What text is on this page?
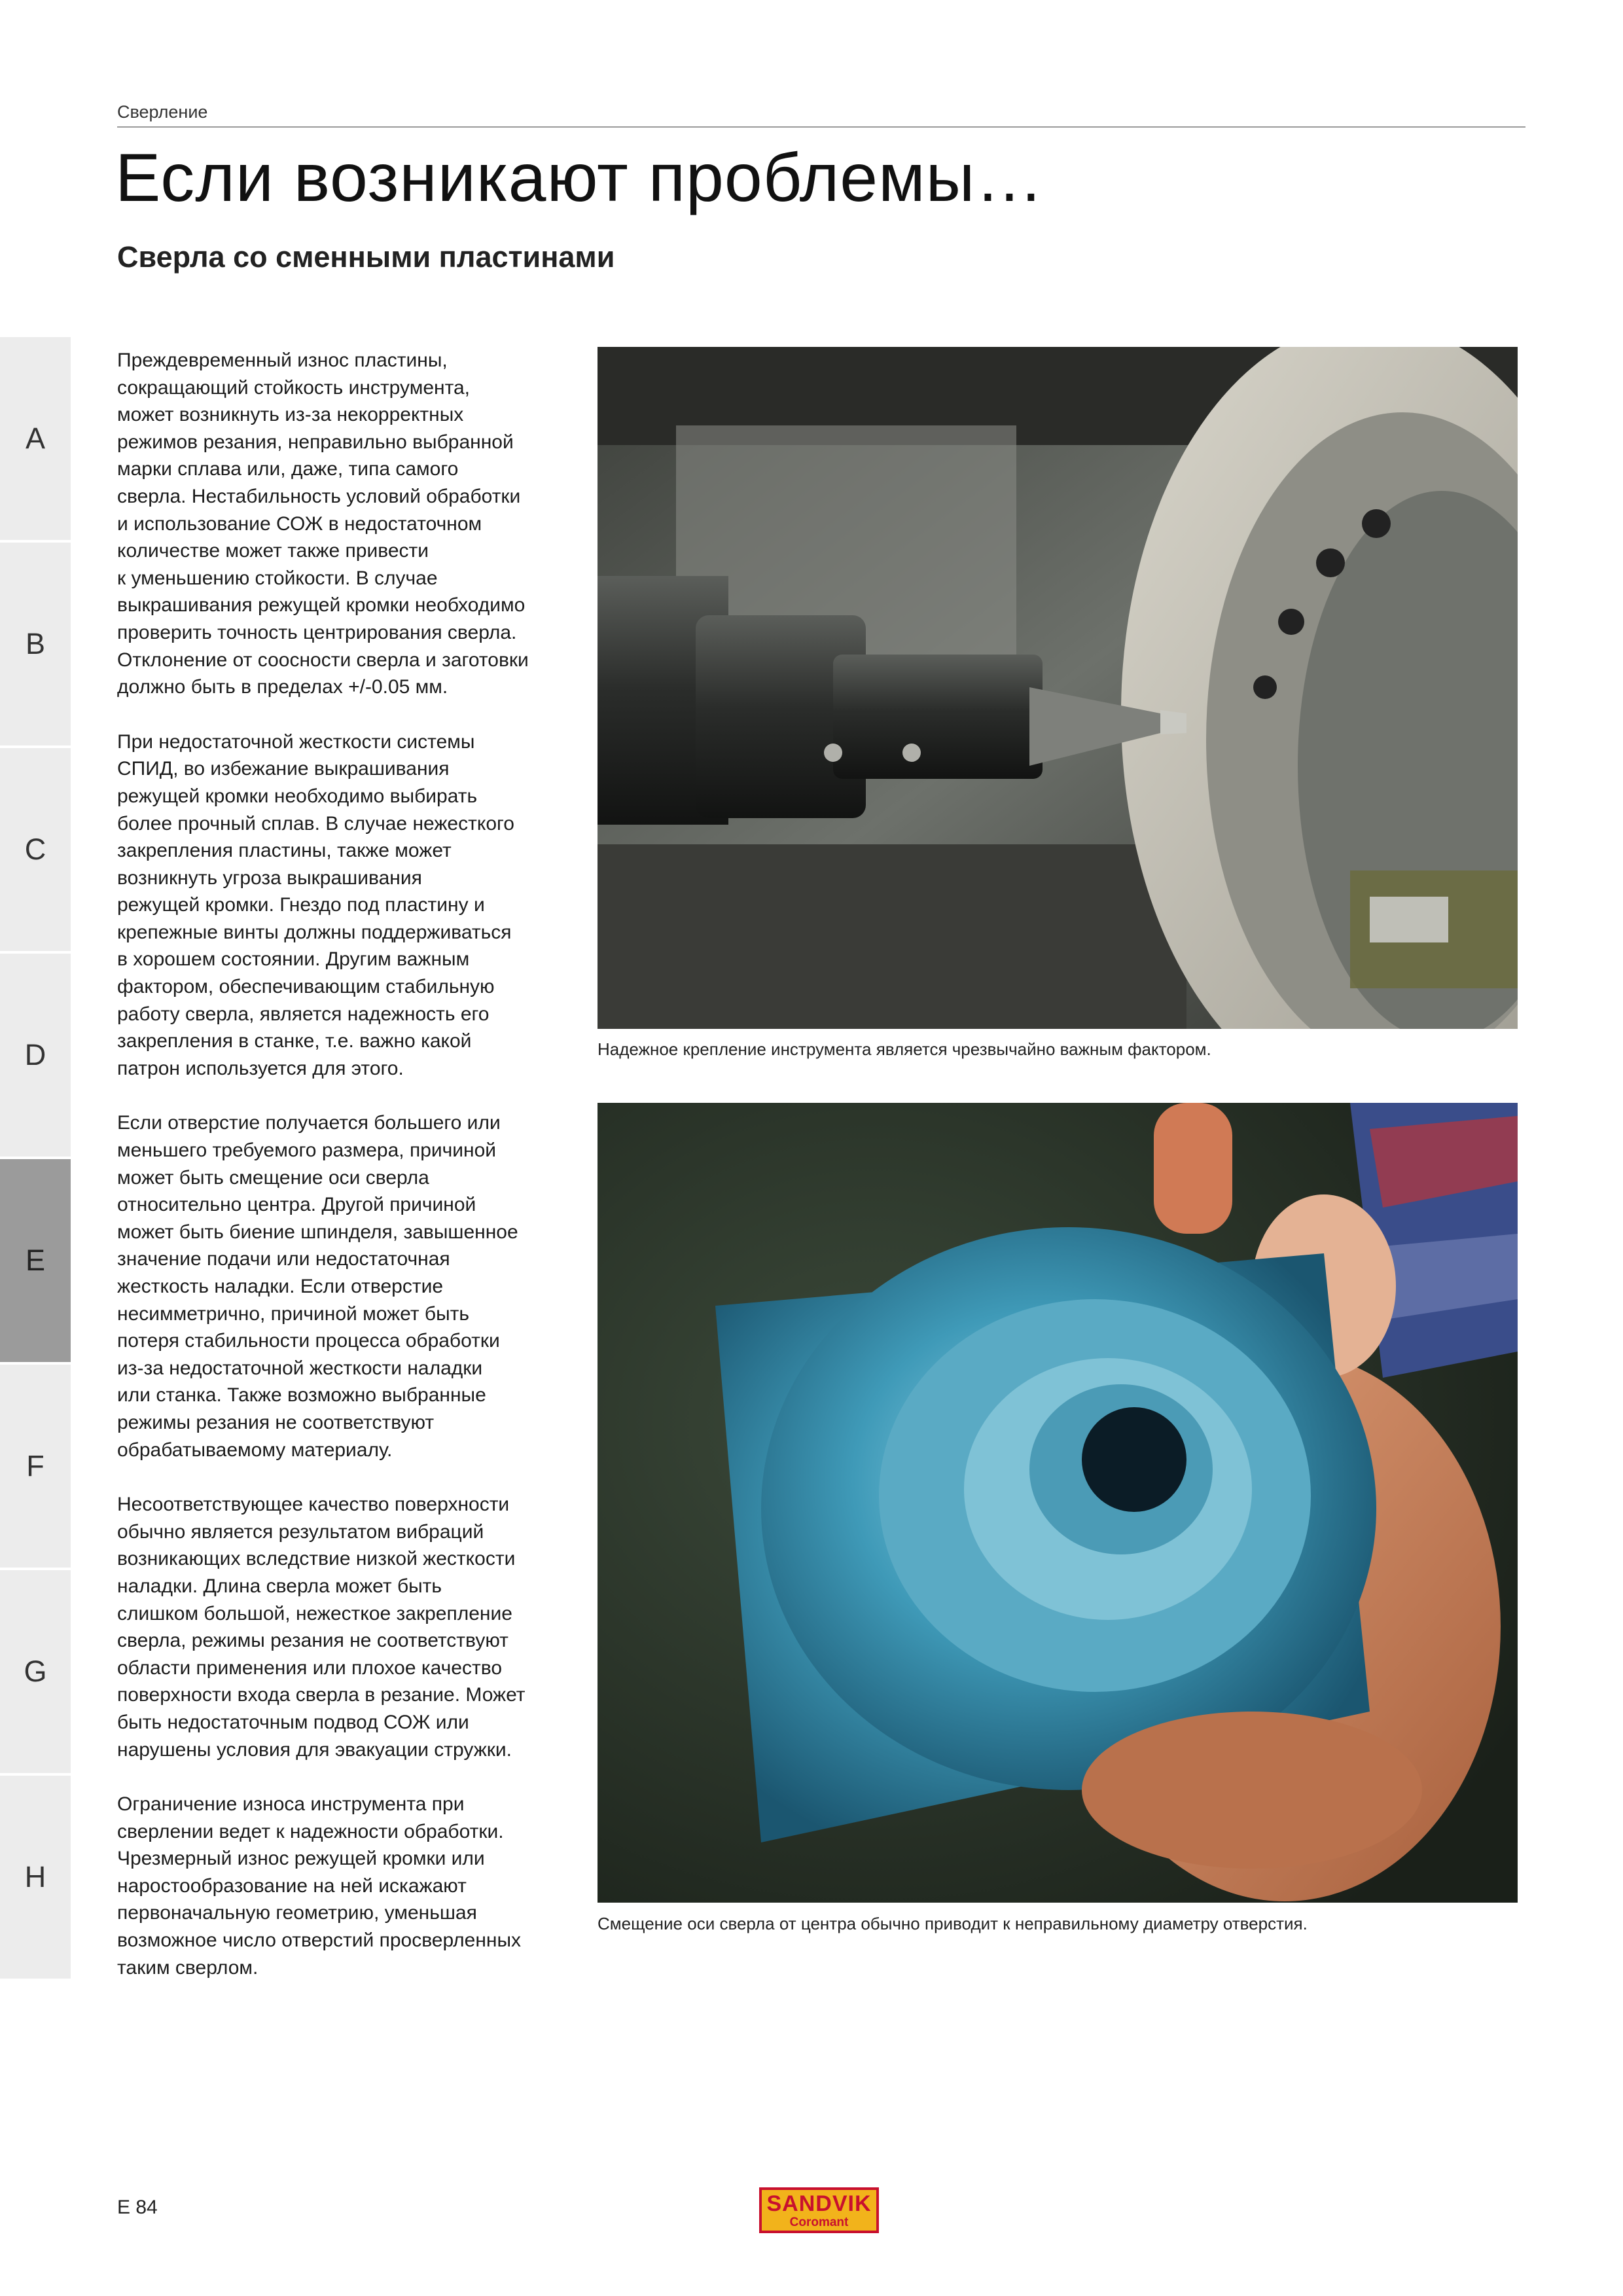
Сверление
Если возникают проблемы…
Сверла со сменными пластинами
A
B
C
D
E
F
G
H

Преждевременный износ пластины,
сокращающий стойкость инструмента,
может возникнуть из-за некорректных
режимов резания, неправильно выбранной
марки сплава или, даже, типа самого
сверла. Нестабильность условий обработки
и использование СОЖ в недостаточном
количестве может также привести
к уменьшению стойкости. В случае
выкрашивания режущей кромки необходимо
проверить точность центрирования сверла.
Отклонение от соосности сверла и заготовки
должно быть в пределах +/-0.05 мм.

При недостаточной жесткости системы
СПИД, во избежание выкрашивания
режущей кромки необходимо выбирать
более прочный сплав. В случае нежесткого
закрепления пластины, также может
возникнуть угроза выкрашивания
режущей кромки. Гнездо под пластину и
крепежные винты должны поддерживаться
в хорошем состоянии. Другим важным
фактором, обеспечивающим стабильную
работу сверла, является надежность его
закрепления в станке, т.е. важно какой
патрон используется для этого.

Если отверстие получается большего или
меньшего требуемого размера, причиной
может быть смещение оси сверла
относительно центра. Другой причиной
может быть биение шпинделя, завышенное
значение подачи или недостаточная
жесткость наладки. Если отверстие
несимметрично, причиной может быть
потеря стабильности процесса обработки
из-за недостаточной жесткости наладки
или станка. Также возможно выбранные
режимы резания не соответствуют
обрабатываемому материалу.

Несоответствующее качество поверхности
обычно является результатом вибраций
возникающих вследствие низкой жесткости
наладки. Длина сверла может быть
слишком большой, нежесткое закрепление
сверла, режимы резания не соответствуют
области применения или плохое качество
поверхности входа сверла в резание. Может
быть недостаточным подвод СОЖ или
нарушены условия для эвакуации стружки.

Ограничение износа инструмента при
сверлении ведет к надежности обработки.
Чрезмерный износ режущей кромки или
наростообразование на ней искажают
первоначальную геометрию, уменьшая
возможное число отверстий просверленных
таким сверлом.

Надежное крепление инструмента является чрезвычайно важным фактором.
Смещение оси сверла от центра обычно приводит к неправильному диаметру отверстия.
E 84	SANDVIK
Coromant
